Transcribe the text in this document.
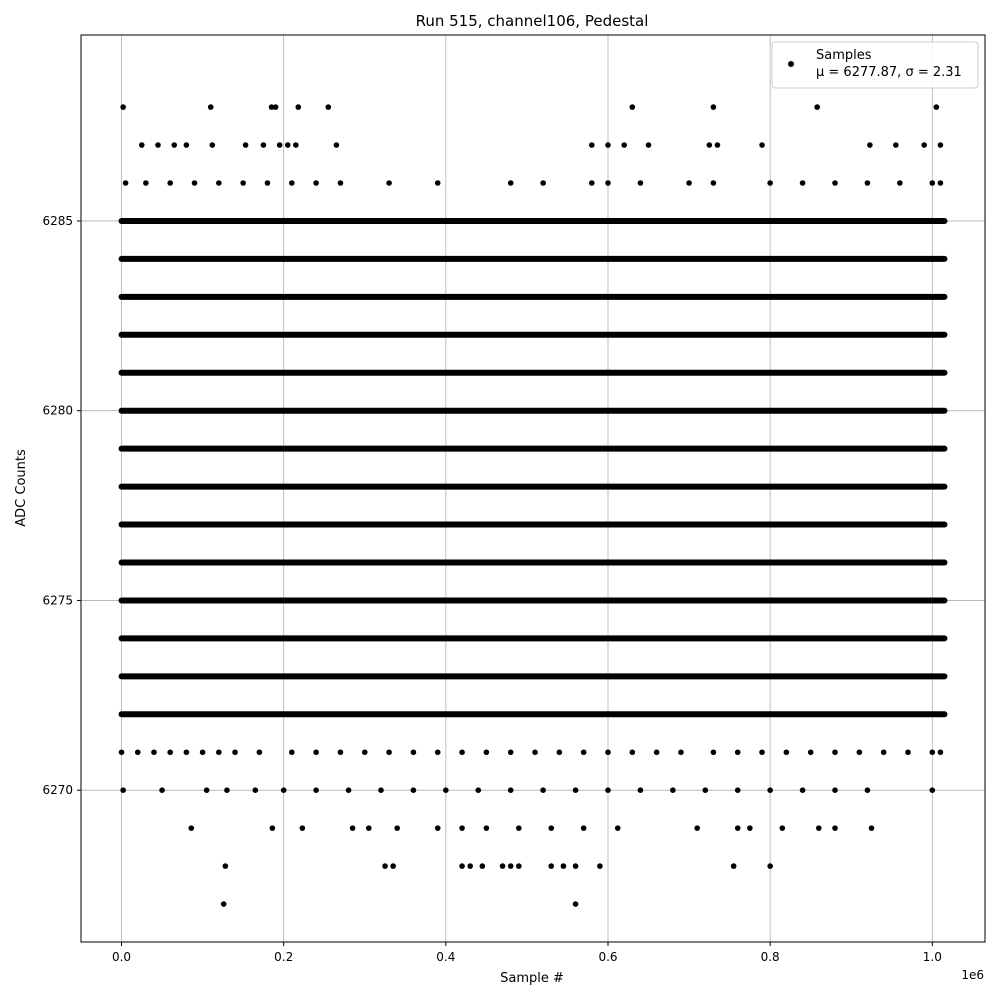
Run 515, channel106, Pedestal
0.0	0.2	0.4	0.6	0.8	1.0
6270
6275
6280
6285
Sample #
ADC Counts
1e6
Samples
μ = 6277.87, σ = 2.31
